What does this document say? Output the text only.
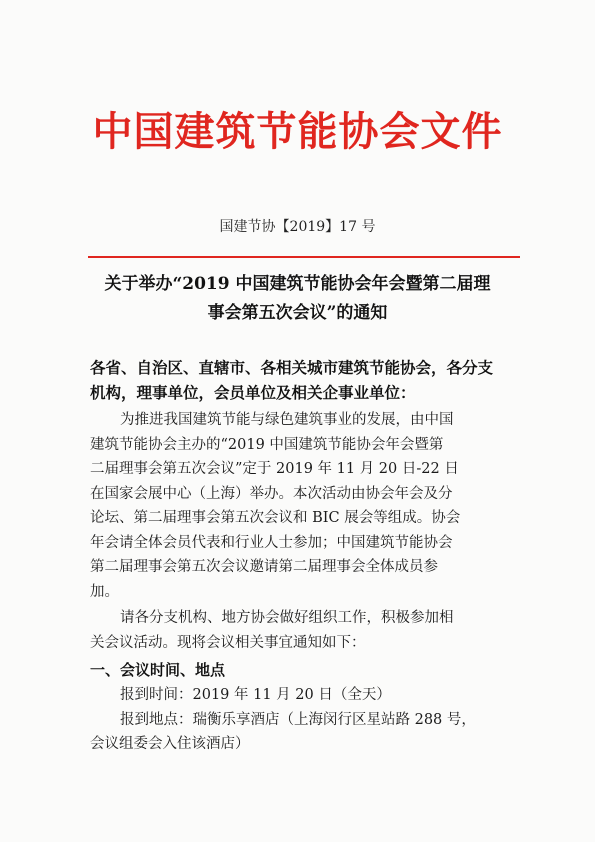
中国建筑节能协会文件
国建节协【2019】17 号
关于举办“2019 中国建筑节能协会年会暨第二届理
事会第五次会议”的通知
各省、自治区、直辖市、各相关城市建筑节能协会，各分支
机构，理事单位，会员单位及相关企事业单位：
为推进我国建筑节能与绿色建筑事业的发展，由中国
建筑节能协会主办的“2019 中国建筑节能协会年会暨第
二届理事会第五次会议”定于 2019 年 11 月 20 日-22 日
在国家会展中心（上海）举办。本次活动由协会年会及分
论坛、第二届理事会第五次会议和 BIC 展会等组成。协会
年会请全体会员代表和行业人士参加；中国建筑节能协会
第二届理事会第五次会议邀请第二届理事会全体成员参
加。
请各分支机构、地方协会做好组织工作，积极参加相
关会议活动。现将会议相关事宜通知如下：
一、会议时间、地点
报到时间：2019 年 11 月 20 日（全天）
报到地点：瑞衡乐享酒店（上海闵行区星站路 288 号，
会议组委会入住该酒店）
